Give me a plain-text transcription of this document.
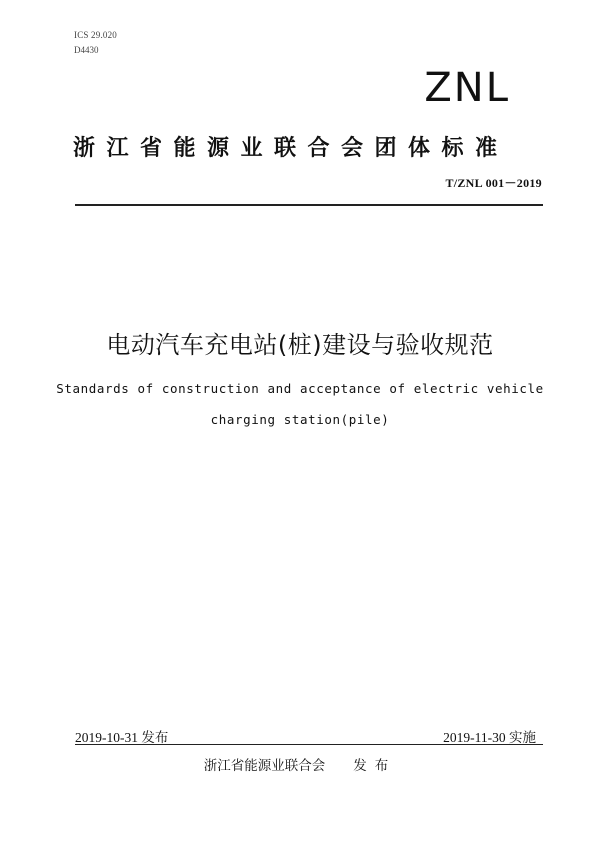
ICS 29.020
D4430
ZNL
浙江省能源业联合会团体标准
T/ZNL 001－2019
电动汽车充电站(桩)建设与验收规范
Standards of construction and acceptance of electric vehicle
charging station(pile)
2019-10-31 发布	2019-11-30 实施
浙江省能源业联合会 发布
